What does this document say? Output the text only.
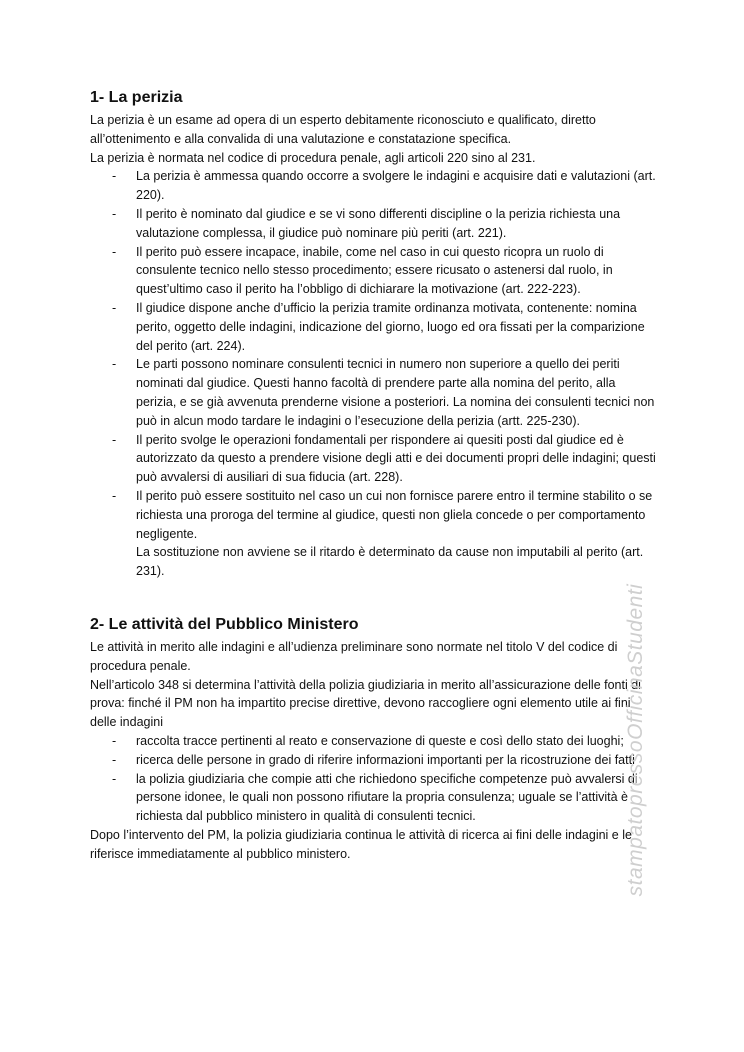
1- La perizia

La perizia è un esame ad opera di un esperto debitamente riconosciuto e qualificato, diretto all’ottenimento e alla convalida di una valutazione e constatazione specifica.

La perizia è normata nel codice di procedura penale, agli articoli 220 sino al 231.

- La perizia è ammessa quando occorre a svolgere le indagini e acquisire dati e valutazioni (art. 220).
- Il perito è nominato dal giudice e se vi sono differenti discipline o la perizia richiesta una valutazione complessa, il giudice può nominare più periti (art. 221).
- Il perito può essere incapace, inabile, come nel caso in cui questo ricopra un ruolo di consulente tecnico nello stesso procedimento; essere ricusato o astenersi dal ruolo, in quest’ultimo caso il perito ha l’obbligo di dichiarare la motivazione (art. 222-223).
- Il giudice dispone anche d’ufficio la perizia tramite ordinanza motivata, contenente: nomina perito, oggetto delle indagini, indicazione del giorno, luogo ed ora fissati per la comparizione del perito (art. 224).
- Le parti possono nominare consulenti tecnici in numero non superiore a quello dei periti nominati dal giudice. Questi hanno facoltà di prendere parte alla nomina del perito, alla perizia, e se già avvenuta prenderne visione a posteriori. La nomina dei consulenti tecnici non può in alcun modo tardare le indagini o l’esecuzione della perizia (artt. 225-230).
- Il perito svolge le operazioni fondamentali per rispondere ai quesiti posti dal giudice ed è autorizzato da questo a prendere visione degli atti e dei documenti propri delle indagini; questi può avvalersi di ausiliari di sua fiducia (art. 228).
- Il perito può essere sostituito nel caso un cui non fornisce parere entro il termine stabilito o se richiesta una proroga del termine al giudice, questi non gliela concede o per comportamento negligente.
La sostituzione non avviene se il ritardo è determinato da cause non imputabili al perito (art. 231).
2- Le attività del Pubblico Ministero

Le attività in merito alle indagini e all’udienza preliminare sono normate nel titolo V del codice di procedura penale.

Nell’articolo 348 si determina l’attività della polizia giudiziaria in merito all’assicurazione delle fonti di prova: finché il PM non ha impartito precise direttive, devono raccogliere ogni elemento utile ai fini delle indagini

- raccolta tracce pertinenti al reato e conservazione di queste e così dello stato dei luoghi;
- ricerca delle persone in grado di riferire informazioni importanti per la ricostruzione dei fatti
- la polizia giudiziaria che compie atti che richiedono specifiche competenze può avvalersi di persone idonee, le quali non possono rifiutare la propria consulenza; uguale se l’attività è richiesta dal pubblico ministero in qualità di consulenti tecnici.

Dopo l’intervento del PM, la polizia giudiziaria continua le attività di ricerca ai fini delle indagini e le riferisce immediatamente al pubblico ministero.	stampatopressoOfficinaStudenti
